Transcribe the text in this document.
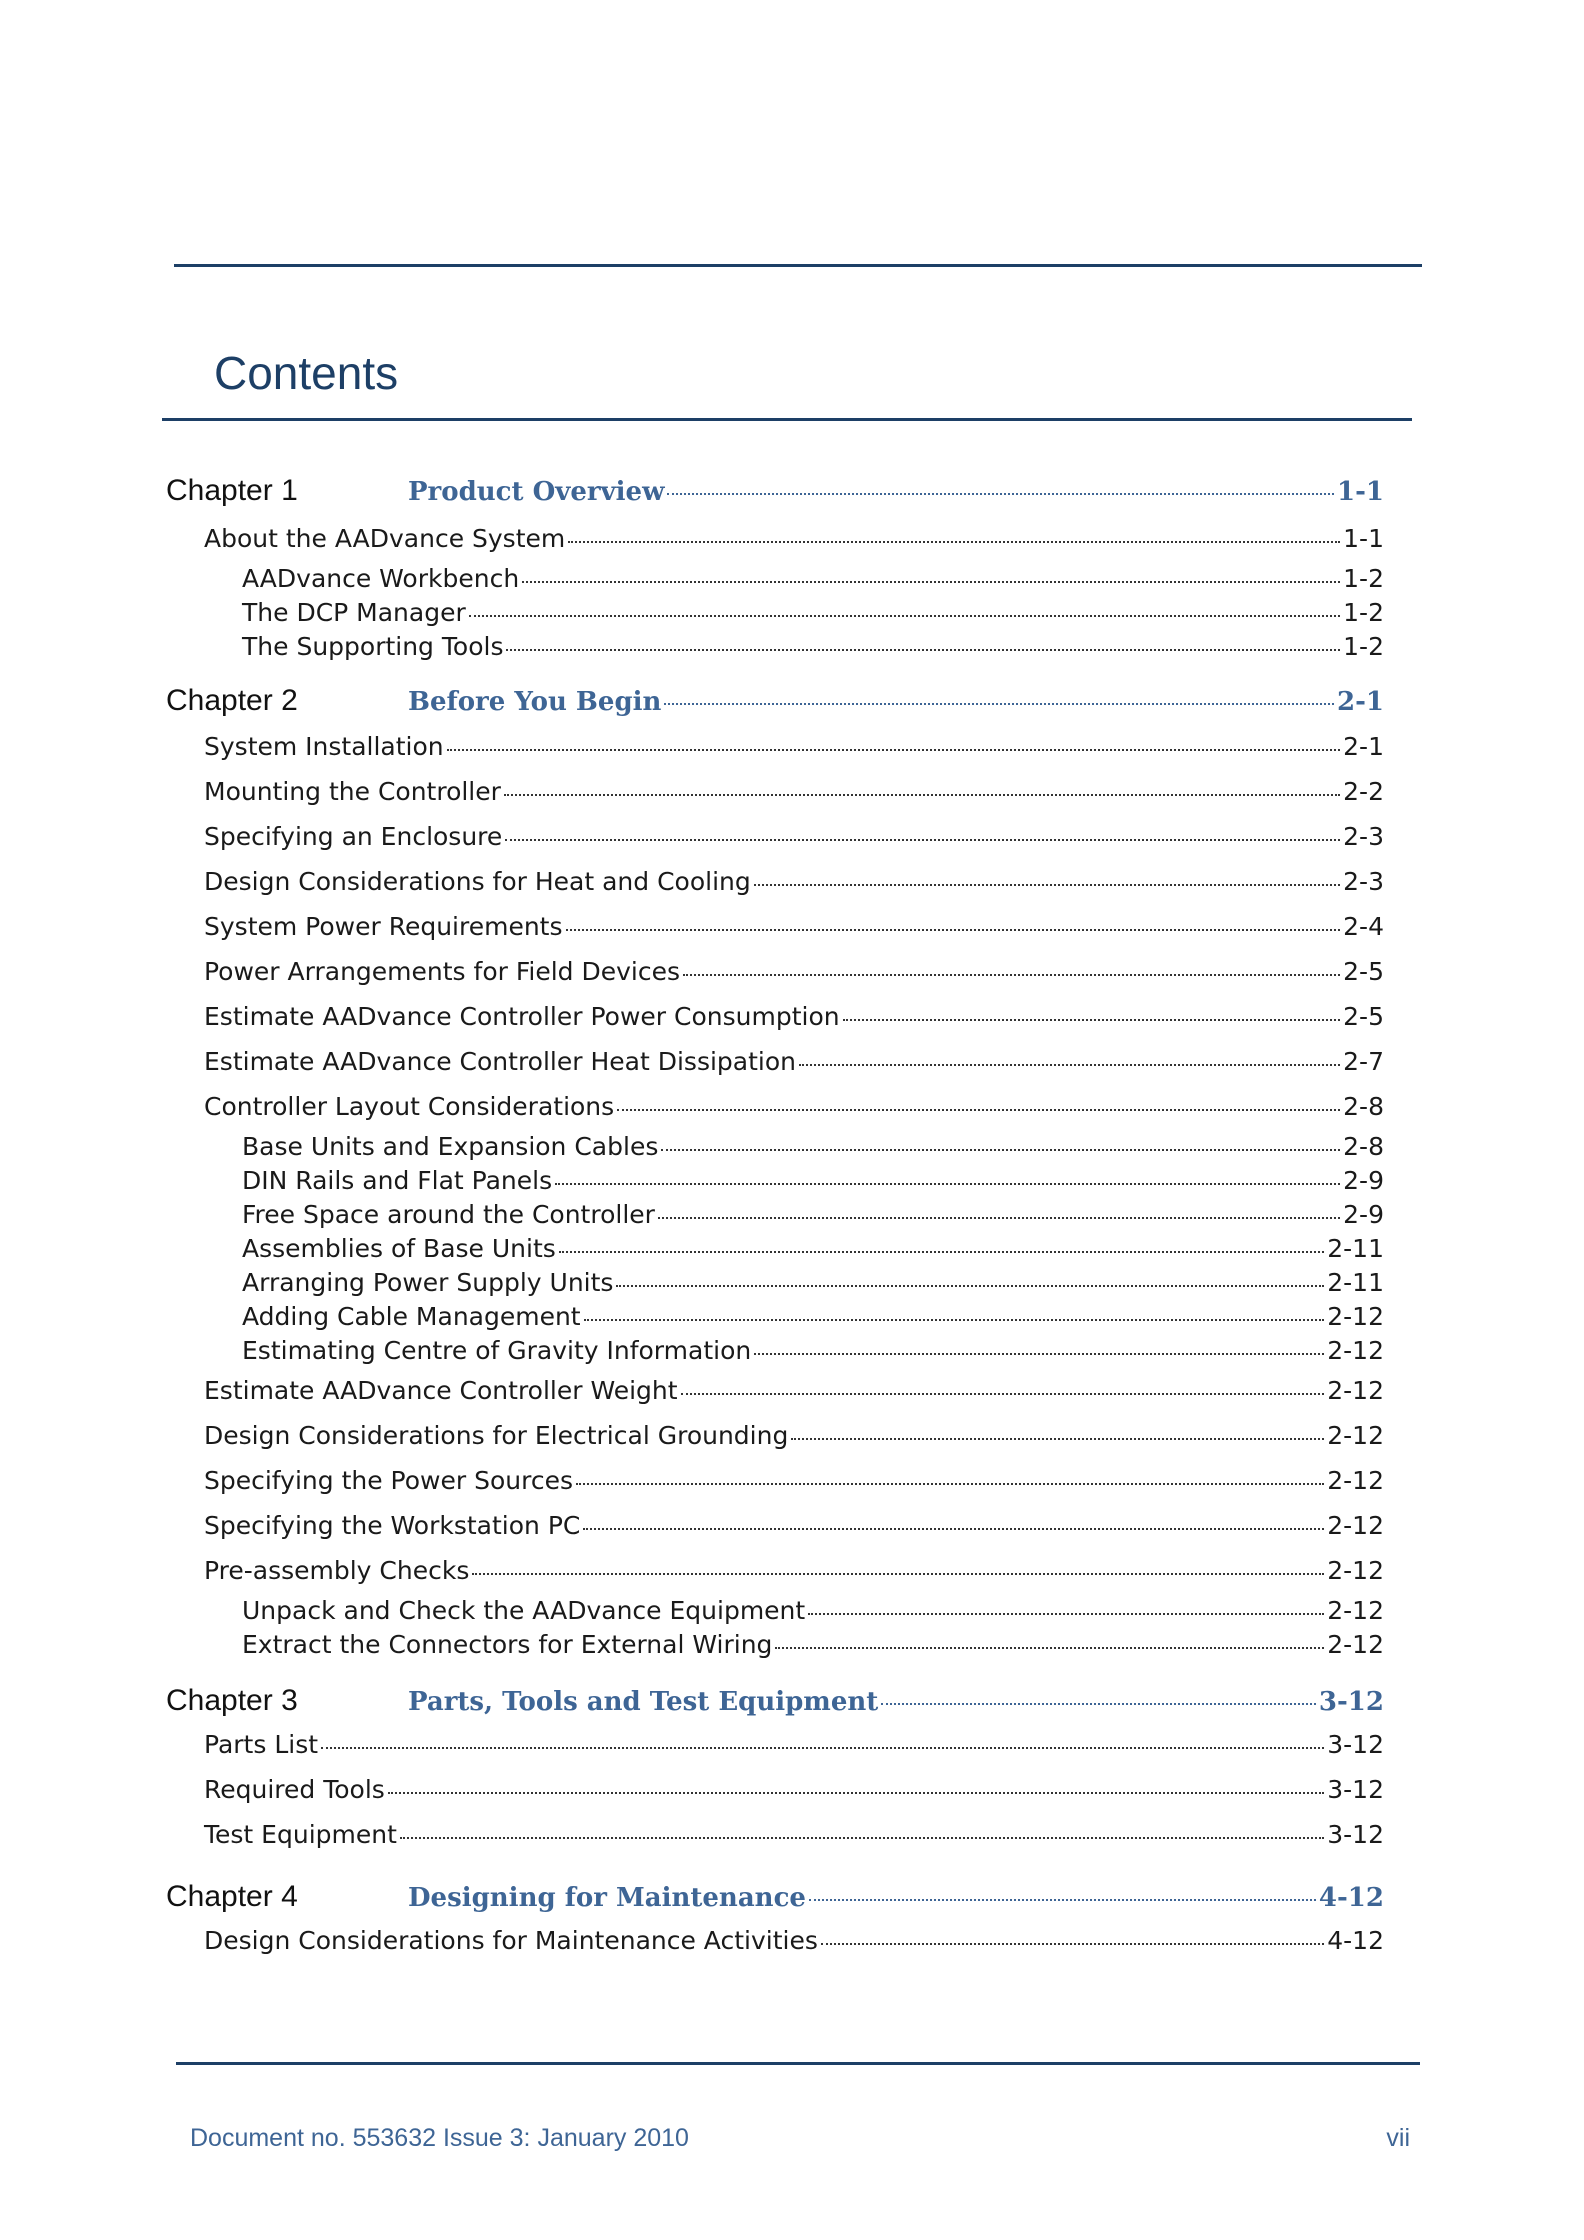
Contents
Chapter 1	Product Overview	1-1
About the AADvance System	1-1
AADvance Workbench	1-2
The DCP Manager	1-2
The Supporting Tools	1-2
Chapter 2	Before You Begin	2-1
System Installation	2-1
Mounting the Controller	2-2
Specifying an Enclosure	2-3
Design Considerations for Heat and Cooling	2-3
System Power Requirements	2-4
Power Arrangements for Field Devices	2-5
Estimate AADvance Controller Power Consumption	2-5
Estimate AADvance Controller Heat Dissipation	2-7
Controller Layout Considerations	2-8
Base Units and Expansion Cables	2-8
DIN Rails and Flat Panels	2-9
Free Space around the Controller	2-9
Assemblies of Base Units	2-11
Arranging Power Supply Units	2-11
Adding Cable Management	2-12
Estimating Centre of Gravity Information	2-12
Estimate AADvance Controller Weight	2-12
Design Considerations for Electrical Grounding	2-12
Specifying the Power Sources	2-12
Specifying the Workstation PC	2-12
Pre-assembly Checks	2-12
Unpack and Check the AADvance Equipment	2-12
Extract the Connectors for External Wiring	2-12
Chapter 3	Parts, Tools and Test Equipment	3-12
Parts List	3-12
Required Tools	3-12
Test Equipment	3-12
Chapter 4	Designing for Maintenance	4-12
Design Considerations for Maintenance Activities	4-12
Document no. 553632 Issue 3: January 2010	vii
